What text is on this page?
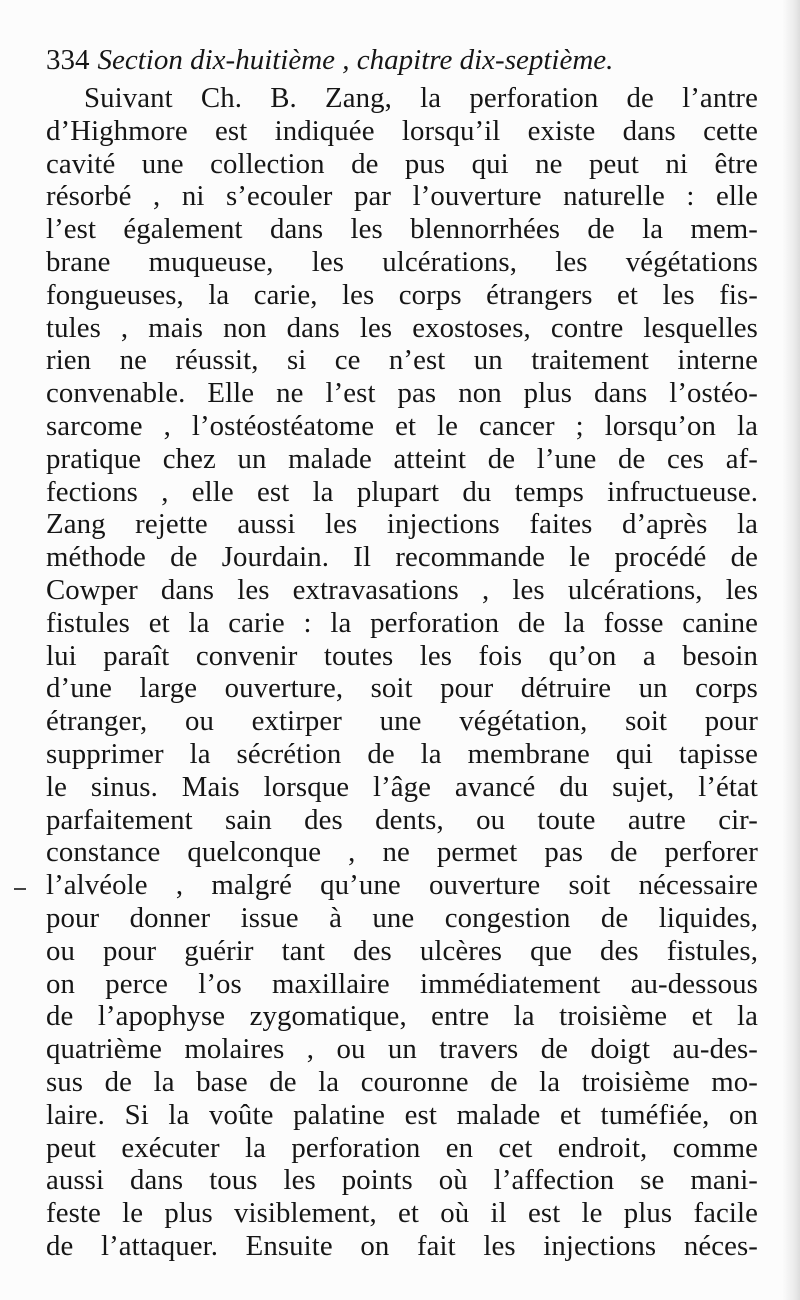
334 Section dix-huitième , chapitre dix-septième.
Suivant Ch. B. Zang, la perforation de l’antre
d’Highmore est indiquée lorsqu’il existe dans cette
cavité une collection de pus qui ne peut ni être
résorbé , ni s’ecouler par l’ouverture naturelle : elle
l’est également dans les blennorrhées de la mem-
brane muqueuse, les ulcérations, les végétations
fongueuses, la carie, les corps étrangers et les fis-
tules , mais non dans les exostoses, contre lesquelles
rien ne réussit, si ce n’est un traitement interne
convenable. Elle ne l’est pas non plus dans l’ostéo-
sarcome , l’ostéostéatome et le cancer ; lorsqu’on la
pratique chez un malade atteint de l’une de ces af-
fections , elle est la plupart du temps infructueuse.
Zang rejette aussi les injections faites d’après la
méthode de Jourdain. Il recommande le procédé de
Cowper dans les extravasations , les ulcérations, les
fistules et la carie : la perforation de la fosse canine
lui paraît convenir toutes les fois qu’on a besoin
d’une large ouverture, soit pour détruire un corps
étranger, ou extirper une végétation, soit pour
supprimer la sécrétion de la membrane qui tapisse
le sinus. Mais lorsque l’âge avancé du sujet, l’état
parfaitement sain des dents, ou toute autre cir-
constance quelconque , ne permet pas de perforer
l’alvéole , malgré qu’une ouverture soit nécessaire
pour donner issue à une congestion de liquides,
ou pour guérir tant des ulcères que des fistules,
on perce l’os maxillaire immédiatement au-dessous
de l’apophyse zygomatique, entre la troisième et la
quatrième molaires , ou un travers de doigt au-des-
sus de la base de la couronne de la troisième mo-
laire. Si la voûte palatine est malade et tuméfiée, on
peut exécuter la perforation en cet endroit, comme
aussi dans tous les points où l’affection se mani-
feste le plus visiblement, et où il est le plus facile
de l’attaquer. Ensuite on fait les injections néces-
